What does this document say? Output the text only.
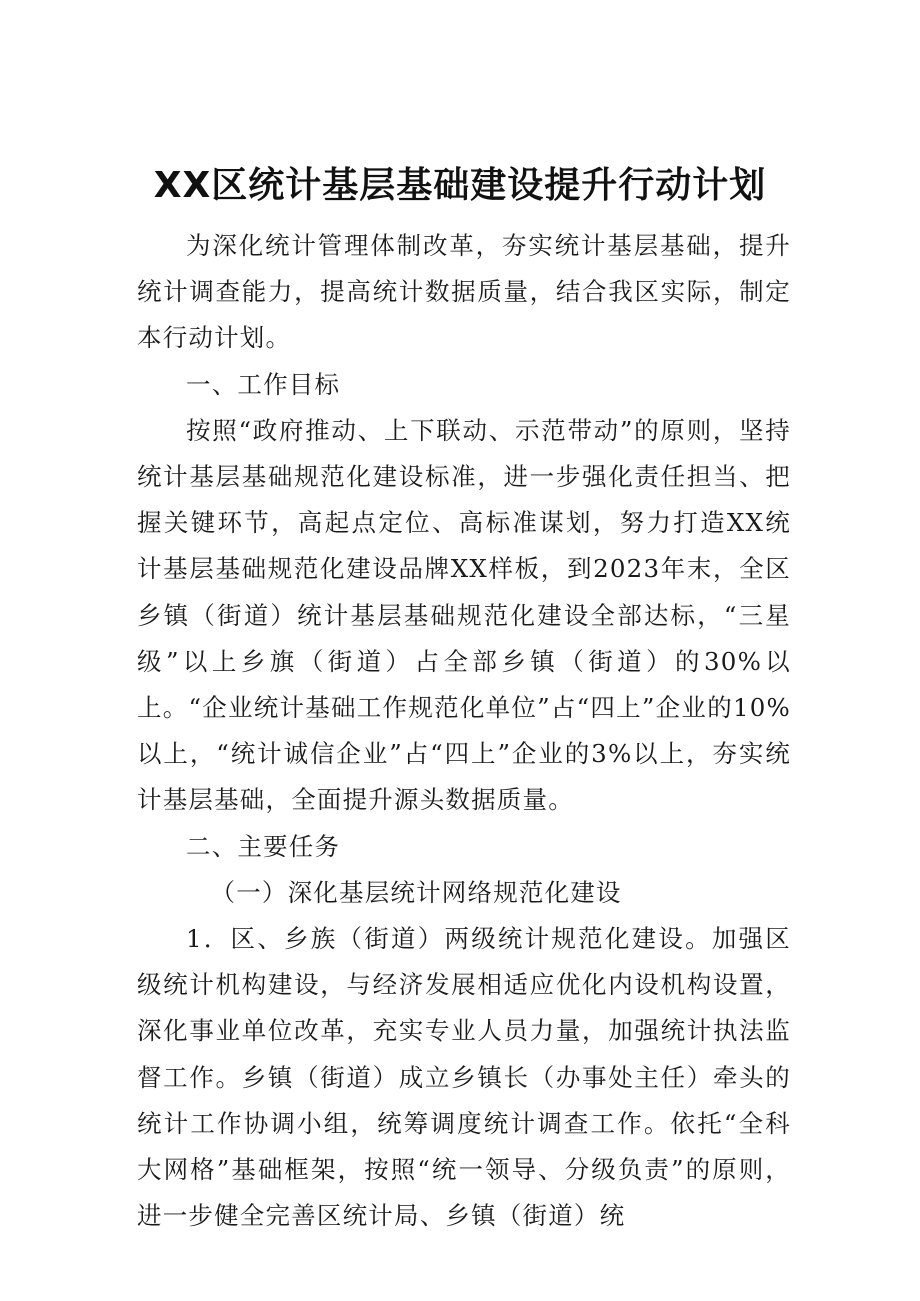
XX区统计基层基础建设提升行动计划

为深化统计管理体制改革，夯实统计基层基础，提升统计调查能力，提高统计数据质量，结合我区实际，制定本行动计划。

一、工作目标

按照“政府推动、上下联动、示范带动”的原则，坚持统计基层基础规范化建设标准，进一步强化责任担当、把握关键环节，高起点定位、高标准谋划，努力打造XX统计基层基础规范化建设品牌XX样板，到2023年末，全区乡镇（街道）统计基层基础规范化建设全部达标，“三星级”以上乡旗（街道）占全部乡镇（街道）的30%以上。“企业统计基础工作规范化单位”占“四上”企业的10%以上，“统计诚信企业”占“四上”企业的3%以上，夯实统计基层基础，全面提升源头数据质量。

二、主要任务

（一）深化基层统计网络规范化建设

1．区、乡族（街道）两级统计规范化建设。加强区级统计机构建设，与经济发展相适应优化内设机构设置，深化事业单位改革，充实专业人员力量，加强统计执法监督工作。乡镇（街道）成立乡镇长（办事处主任）牵头的统计工作协调小组，统筹调度统计调查工作。依托“全科大网格”基础框架，按照“统一领导、分级负责”的原则，进一步健全完善区统计局、乡镇（街道）统
